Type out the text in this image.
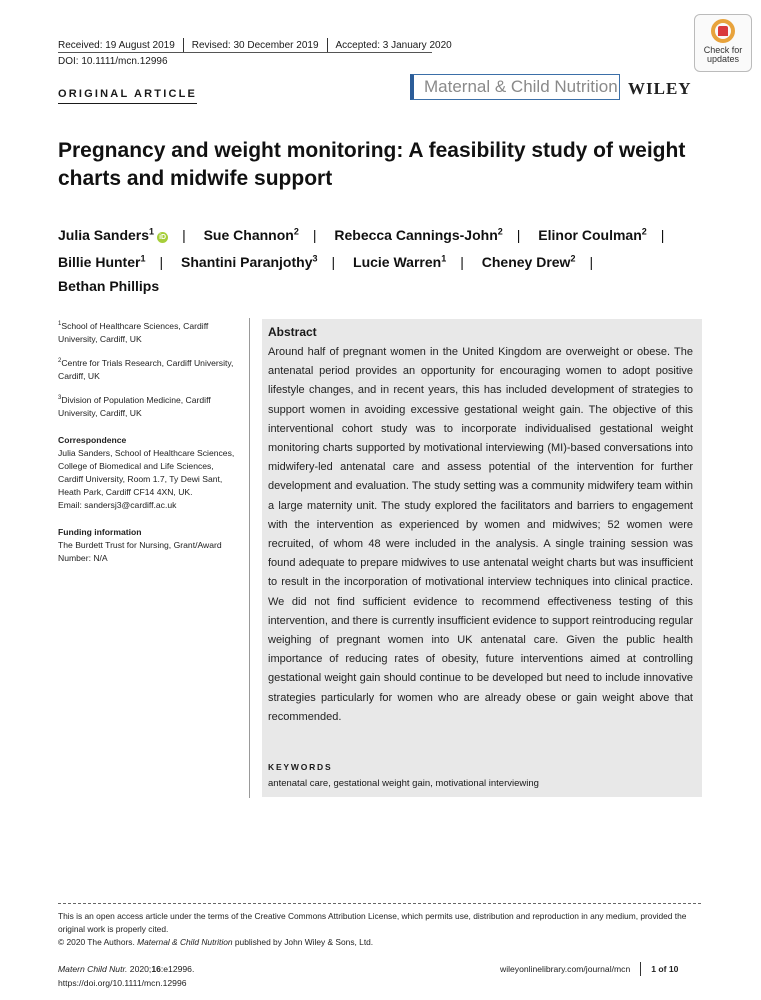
Received: 19 August 2019 Revised: 30 December 2019 Accepted: 3 January 2020
DOI: 10.1111/mcn.12996
Check for
updates
ORIGINAL ARTICLE	Maternal & Child Nutrition WILEY
Pregnancy and weight monitoring: A feasibility study of weight charts and midwife support
Julia Sanders$^1$iD | Sue Channon$^2$ | Rebecca Cannings-John$^2$ | Elinor Coulman$^2$ |
Billie Hunter$^1$ | Shantini Paranjothy$^3$ | Lucie Warren$^1$ | Cheney Drew$^2$ |
Bethan Phillips

$^1$School of Healthcare Sciences, Cardiff University, Cardiff, UK

$^2$Centre for Trials Research, Cardiff University, Cardiff, UK

$^3$Division of Population Medicine, Cardiff University, Cardiff, UK

Correspondence
Julia Sanders, School of Healthcare Sciences, College of Biomedical and Life Sciences, Cardiff University, Room 1.7, Ty Dewi Sant, Heath Park, Cardiff CF14 4XN, UK.
Email: sandersj3@cardiff.ac.uk

Funding information
The Burdett Trust for Nursing, Grant/Award Number: N/A

Abstract
Around half of pregnant women in the United Kingdom are overweight or obese. The antenatal period provides an opportunity for encouraging women to adopt positive lifestyle changes, and in recent years, this has included development of strategies to support women in avoiding excessive gestational weight gain. The objective of this interventional cohort study was to incorporate individualised gestational weight monitoring charts supported by motivational interviewing (MI)-based conversations into midwifery-led antenatal care and assess potential of the intervention for further development and evaluation. The study setting was a community midwifery team within a large maternity unit. The study explored the facilitators and barriers to engagement with the intervention as experienced by women and midwives; 52 women were recruited, of whom 48 were included in the analysis. A single training session was found adequate to prepare midwives to use antenatal weight charts but was insufficient to result in the incorporation of motivational interview techniques into clinical practice. We did not find sufficient evidence to recommend effectiveness testing of this intervention, and there is currently insufficient evidence to support reintroducing regular weighing of pregnant women into UK antenatal care. Given the public health importance of reducing rates of obesity, future interventions aimed at controlling gestational weight gain should continue to be developed but need to include innovative strategies particularly for women who are already obese or gain weight above that recommended.
KEYWORDS
antenatal care, gestational weight gain, motivational interviewing
This is an open access article under the terms of the Creative Commons Attribution License, which permits use, distribution and reproduction in any medium, provided the original work is properly cited.
© 2020 The Authors. Maternal & Child Nutrition published by John Wiley & Sons, Ltd.
Matern Child Nutr. 2020;16:e12996.
https://doi.org/10.1111/mcn.12996
wileyonlinelibrary.com/journal/mcn 1 of 10
